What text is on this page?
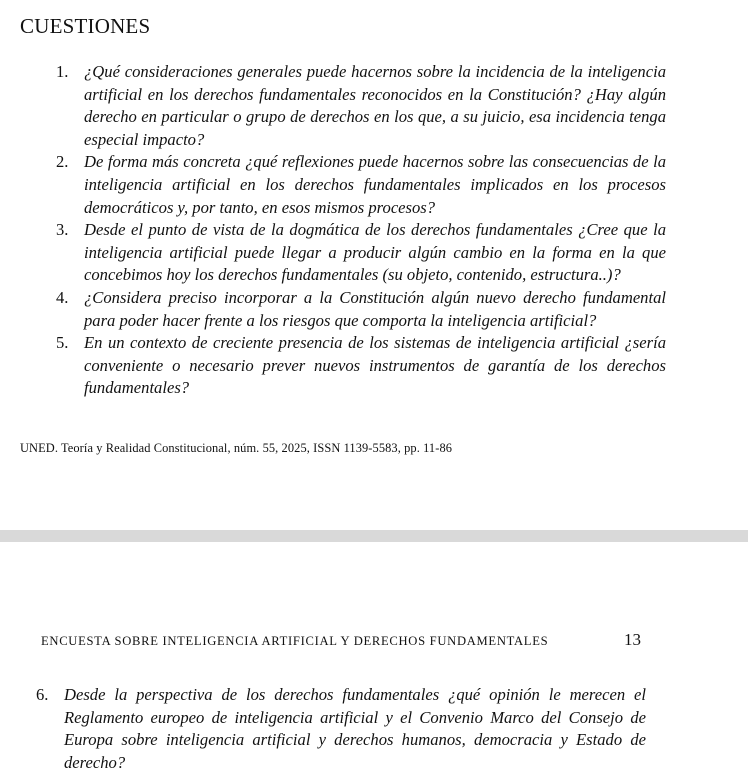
CUESTIONES
1. ¿Qué consideraciones generales puede hacernos sobre la incidencia de la inteligencia artificial en los derechos fundamentales reconocidos en la Constitución? ¿Hay algún derecho en particular o grupo de derechos en los que, a su juicio, esa incidencia tenga especial impacto?
2. De forma más concreta ¿qué reflexiones puede hacernos sobre las consecuencias de la inteligencia artificial en los derechos fundamentales implicados en los procesos democráticos y, por tanto, en esos mismos procesos?
3. Desde el punto de vista de la dogmática de los derechos fundamentales ¿Cree que la inteligencia artificial puede llegar a producir algún cambio en la forma en la que concebimos hoy los derechos fundamentales (su objeto, contenido, estructura..)?
4. ¿Considera preciso incorporar a la Constitución algún nuevo derecho fundamental para poder hacer frente a los riesgos que comporta la inteligencia artificial?
5. En un contexto de creciente presencia de los sistemas de inteligencia artificial ¿sería conveniente o necesario prever nuevos instrumentos de garantía de los derechos fundamentales?
UNED. Teoría y Realidad Constitucional, núm. 55, 2025, ISSN 1139-5583, pp. 11-86
ENCUESTA SOBRE INTELIGENCIA ARTIFICIAL Y DERECHOS FUNDAMENTALES	13
6. Desde la perspectiva de los derechos fundamentales ¿qué opinión le merecen el Reglamento europeo de inteligencia artificial y el Convenio Marco del Consejo de Europa sobre inteligencia artificial y derechos humanos, democracia y Estado de derecho?
